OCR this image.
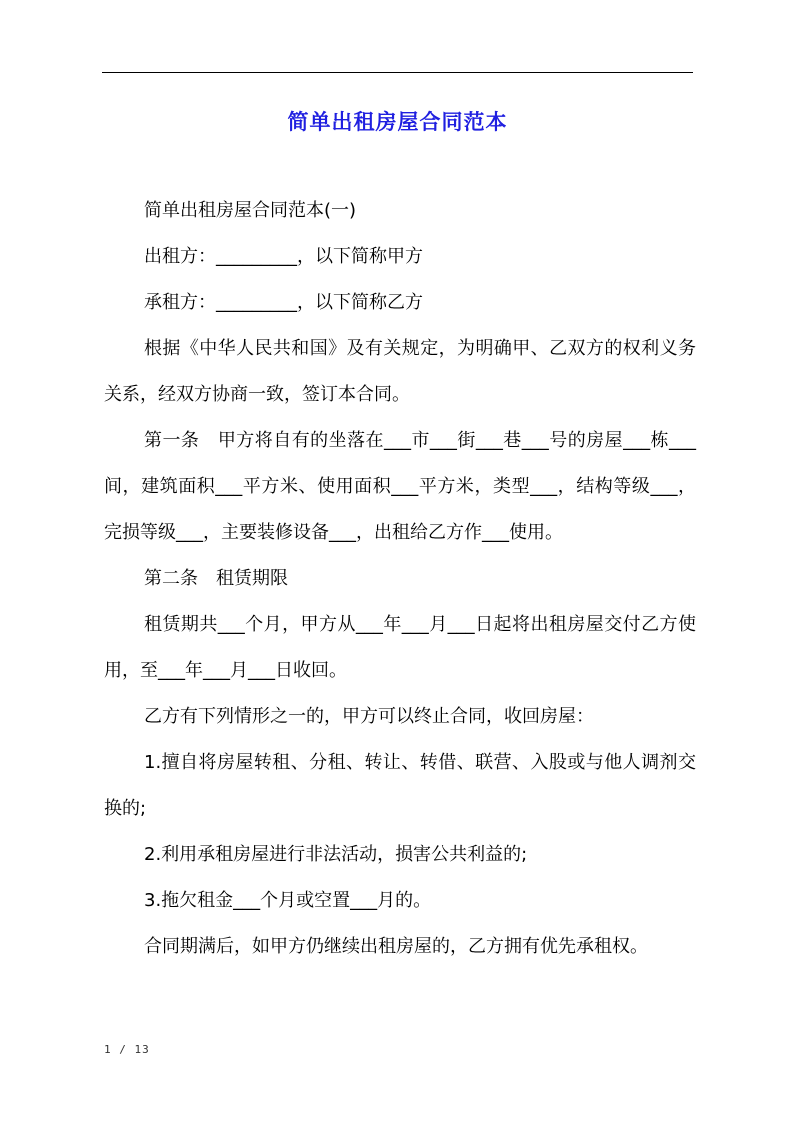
简单出租房屋合同范本

简单出租房屋合同范本(一)

出租方：_________，以下简称甲方

承租方：_________，以下简称乙方

根据《中华人民共和国》及有关规定，为明确甲、乙双方的权利义务关系，经双方协商一致，签订本合同。

第一条　甲方将自有的坐落在___市___街___巷___号的房屋___栋___间，建筑面积___平方米、使用面积___平方米，类型___，结构等级___，完损等级___，主要装修设备___，出租给乙方作___使用。

第二条　租赁期限

租赁期共___个月，甲方从___年___月___日起将出租房屋交付乙方使用，至___年___月___日收回。

乙方有下列情形之一的，甲方可以终止合同，收回房屋：

1.擅自将房屋转租、分租、转让、转借、联营、入股或与他人调剂交换的;

2.利用承租房屋进行非法活动，损害公共利益的;

3.拖欠租金___个月或空置___月的。

合同期满后，如甲方仍继续出租房屋的，乙方拥有优先承租权。

1 / 13
